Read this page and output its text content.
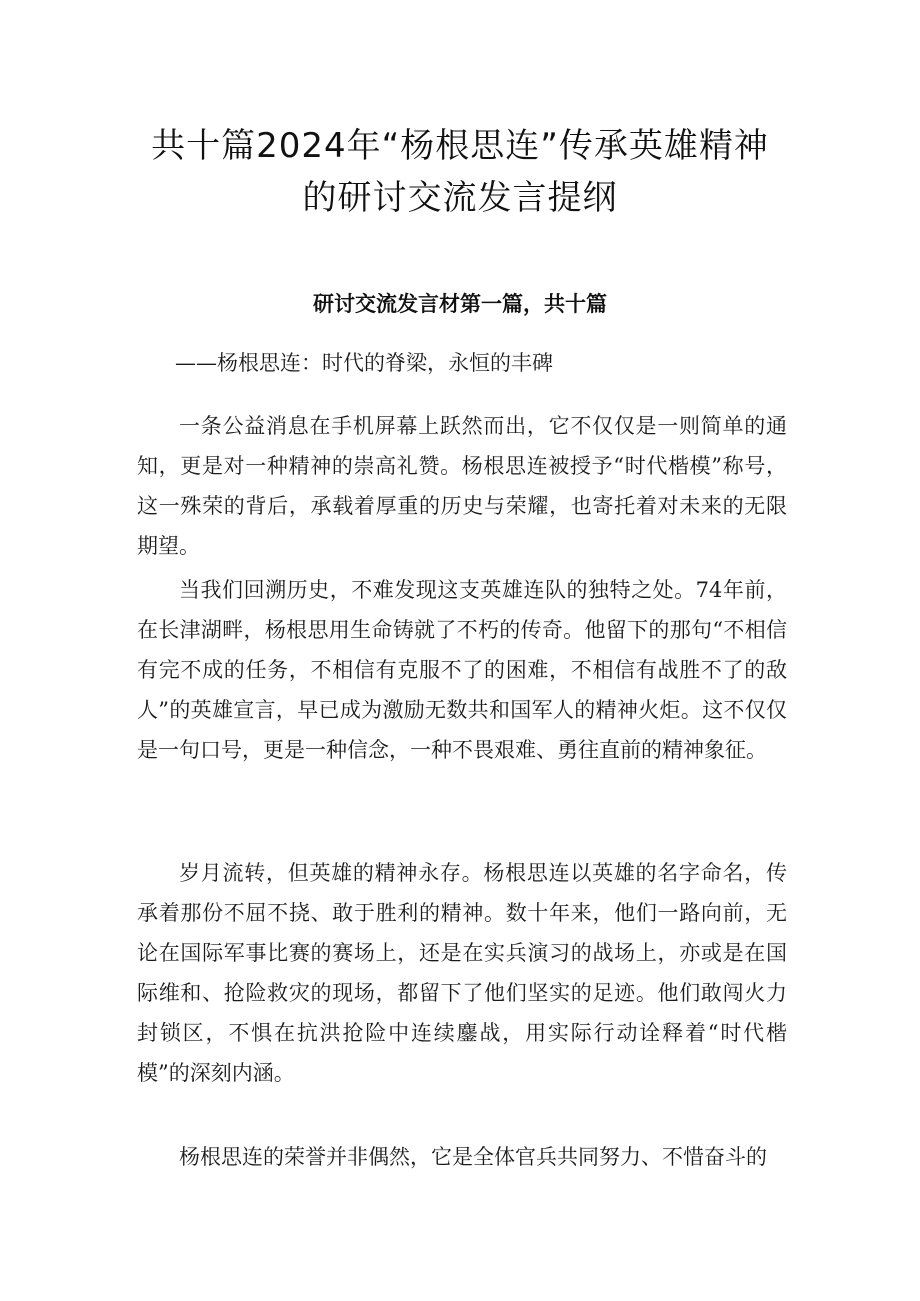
共十篇2024年“杨根思连”传承英雄精神
的研讨交流发言提纲
研讨交流发言材第一篇，共十篇

——杨根思连：时代的脊梁，永恒的丰碑

一条公益消息在手机屏幕上跃然而出，它不仅仅是一则简单的通知，更是对一种精神的崇高礼赞。杨根思连被授予“时代楷模”称号，这一殊荣的背后，承载着厚重的历史与荣耀，也寄托着对未来的无限期望。

当我们回溯历史，不难发现这支英雄连队的独特之处。74年前，在长津湖畔，杨根思用生命铸就了不朽的传奇。他留下的那句“不相信有完不成的任务，不相信有克服不了的困难，不相信有战胜不了的敌人”的英雄宣言，早已成为激励无数共和国军人的精神火炬。这不仅仅是一句口号，更是一种信念，一种不畏艰难、勇往直前的精神象征。

岁月流转，但英雄的精神永存。杨根思连以英雄的名字命名，传承着那份不屈不挠、敢于胜利的精神。数十年来，他们一路向前，无论在国际军事比赛的赛场上，还是在实兵演习的战场上，亦或是在国际维和、抢险救灾的现场，都留下了他们坚实的足迹。他们敢闯火力封锁区，不惧在抗洪抢险中连续鏖战，用实际行动诠释着“时代楷模”的深刻内涵。

杨根思连的荣誉并非偶然，它是全体官兵共同努力、不惜奋斗的
